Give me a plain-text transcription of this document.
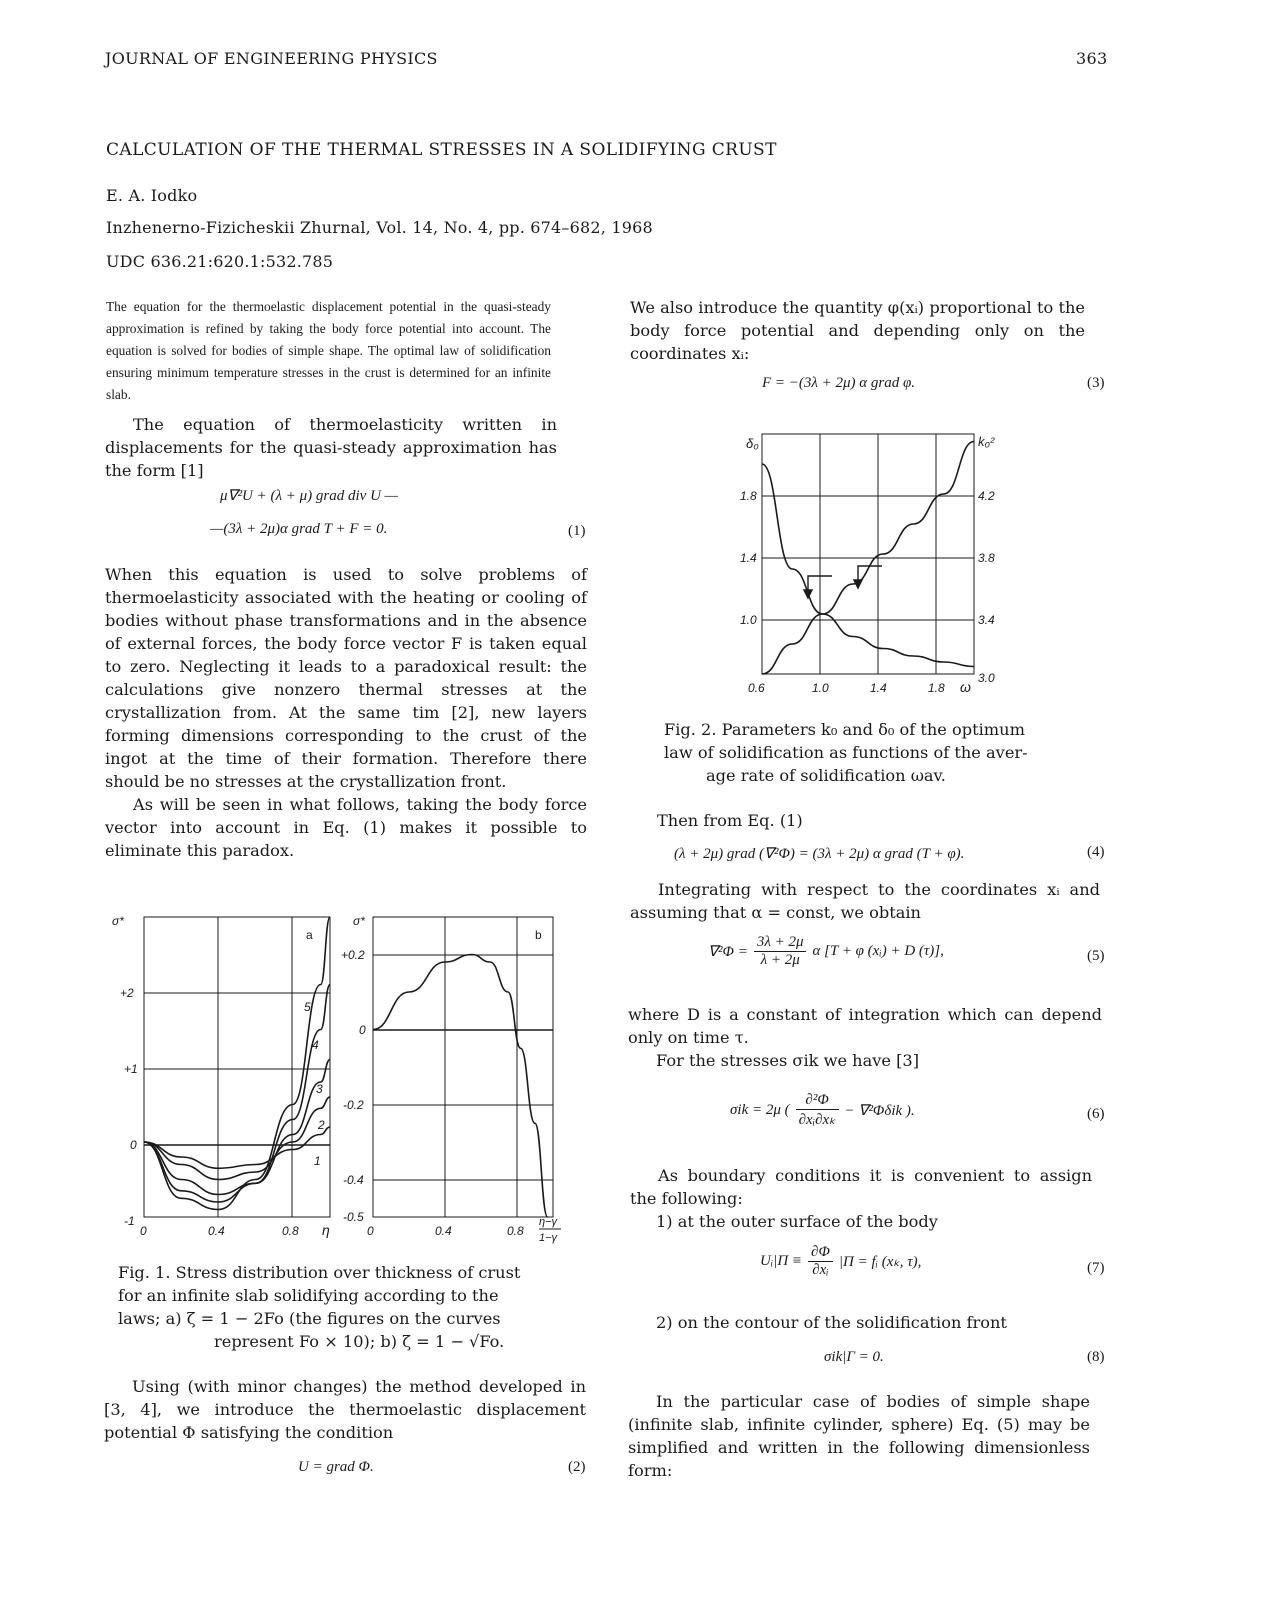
JOURNAL OF ENGINEERING PHYSICS	363
CALCULATION OF THE THERMAL STRESSES IN A SOLIDIFYING CRUST
E. A. Iodko
Inzhenerno-Fizicheskii Zhurnal, Vol. 14, No. 4, pp. 674–682, 1968
UDC 636.21:620.1:532.785
The equation for the thermoelastic displacement potential in the quasi-steady approximation is refined by taking the body force potential into account. The equation is solved for bodies of simple shape. The optimal law of solidification ensuring minimum temperature stresses in the crust is determined for an infinite slab.

The equation of thermoelasticity written in displacements for the quasi-steady approximation has the form [1]

μ∇²U + (λ + μ) grad div U —
—(3λ + 2μ)α grad T + F = 0.	(1)

When this equation is used to solve problems of thermoelasticity associated with the heating or cooling of bodies without phase transformations and in the absence of external forces, the body force vector F is taken equal to zero. Neglecting it leads to a paradoxical result: the calculations give nonzero thermal stresses at the crystallization from. At the same tim [2], new layers forming dimensions corresponding to the crust of the ingot at the time of their formation. Therefore there should be no stresses at the crystallization front.

As will be seen in what follows, taking the body force vector into account in Eq. (1) makes it possible to eliminate this paradox.

σ*
+2
+1
0
-1
0	0.4	0.8 η
a
5
4
3
2
1
σ*
+0.2
0
-0.2
-0.4
-0.5
0	0.4	0.8
η−γ
1−γ
b
Fig. 1. Stress distribution over thickness of crust
for an infinite slab solidifying according to the
laws; a) ζ = 1 − 2Fo (the figures on the curves
represent Fo × 10); b) ζ = 1 − √Fo.

Using (with minor changes) the method developed in [3, 4], we introduce the thermoelastic displacement potential Φ satisfying the condition

U = grad Φ.	(2)

We also introduce the quantity φ(xᵢ) proportional to the body force potential and depending only on the coordinates xᵢ:

F = −(3λ + 2μ) α grad φ.	(3)
δ₀	k₀²
1.8
1.4
1.0
4.2
3.8
3.4
3.0
0.6	1.0	1.4	1.8 ω
Fig. 2. Parameters k₀ and δ₀ of the optimum
law of solidification as functions of the aver-
age rate of solidification ωav.
Then from Eq. (1)
(λ + 2μ) grad (∇²Φ) = (3λ + 2μ) α grad (T + φ).	(4)

Integrating with respect to the coordinates xᵢ and assuming that α = const, we obtain

$\nabla^2\Phi = \frac{3\lambda + 2\mu}{\lambda + 2\mu}$ α [T + φ (xᵢ) + D (τ)],	(5)

where D is a constant of integration which can depend only on time τ.

For the stresses σik we have [3]

σik = 2μ ( $\frac{\text{∂²Φ}}{\text{∂xᵢ∂xₖ}} - \nabla^2\Phi\delta ik$ ).	(6)

As boundary conditions it is convenient to assign the following:

1) at the outer surface of the body

Uᵢ|Π ≡ $\frac{\partial\Phi}{\text{∂xᵢ}} |\Pi$ = fᵢ (xₖ, τ),	(7)
2) on the contour of the solidification front
σik|Γ = 0.	(8)

In the particular case of bodies of simple shape (infinite slab, infinite cylinder, sphere) Eq. (5) may be simplified and written in the following dimensionless form:
